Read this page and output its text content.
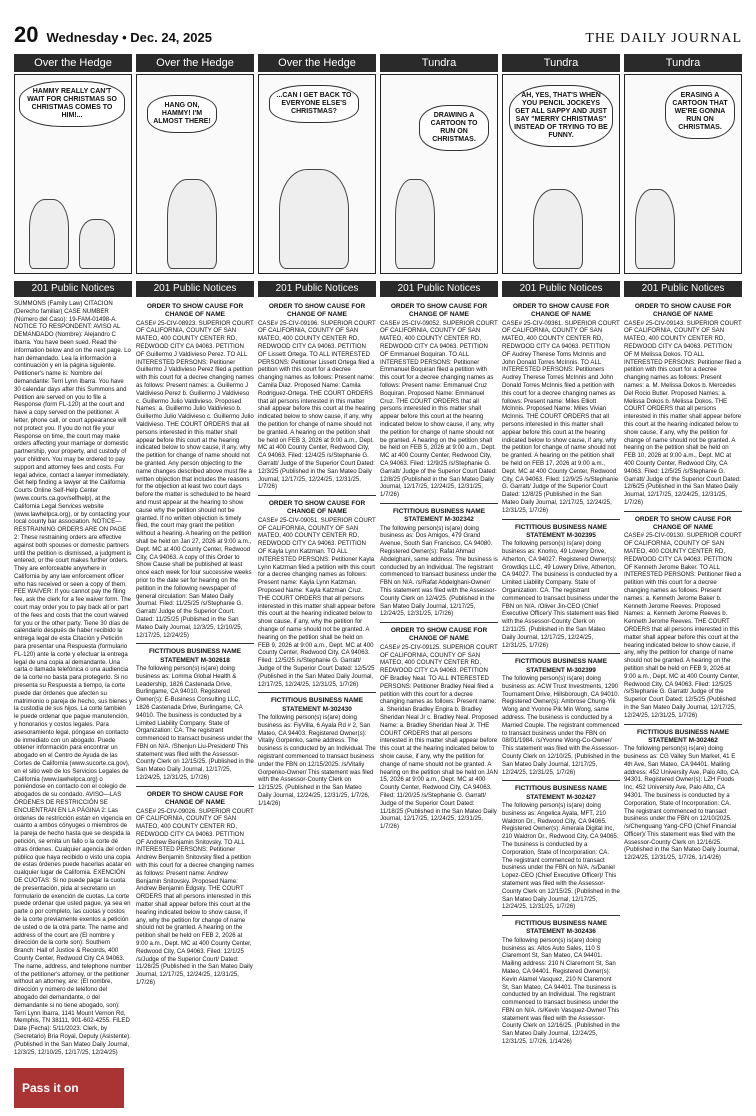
20 Wednesday • Dec. 24, 2025	THE DAILY JOURNAL
Over the Hedge
HAMMY REALLY CAN'T WAIT FOR CHRISTMAS SO CHRISTMAS COMES TO HIM!...
Over the Hedge
HANG ON, HAMMY! I'M ALMOST THERE!
Over the Hedge
...CAN I GET BACK TO EVERYONE ELSE'S CHRISTMAS?
Tundra
DRAWING A CARTOON TO RUN ON CHRISTMAS.
Tundra
AH, YES, THAT'S WHEN YOU PENCIL JOCKEYS GET ALL SAPPY AND JUST SAY "MERRY CHRISTMAS" INSTEAD OF TRYING TO BE FUNNY.
Tundra
ERASING A CARTOON THAT WE'RE GONNA RUN ON CHRISTMAS.
201 Public Notices	201 Public Notices	201 Public Notices	201 Public Notices	201 Public Notices	201 Public Notices

SUMMONS (Family Law) CITACION (Derecho familiar) CASE NUMBER (Número del Caso): 19-FAM-01498-A. NOTICE TO RESPONDENT: AVISO AL DEMANDADO (Nombre): Alejandro C Ibarra. You have been sued. Read the information below and on the next page. Lo han demandado. Lea la información a continuación y en la página siguiente. Petitioner's name is: Nombre del demandante: Terri Lynn Ibarra. You have 30 calendar days after this Summons and Petition are served on you to file a Response (form FL-120) at the court and have a copy served on the petitioner. A letter, phone call, or court appearance will not protect you. If you do not file your Response on time, the court may make orders affecting your marriage or domestic partnership, your property, and custody of your children. You may be ordered to pay support and attorney fees and costs. For legal advice, contact a lawyer immediately. Get help finding a lawyer at the California Courts Online Self-Help Center (www.courts.ca.gov/selfhelp), at the California Legal Services website (www.lawhelpca.org), or by contacting your local county bar association. NOTICE—RESTRAINING ORDERS ARE ON PAGE 2: These restraining orders are effective against both spouses or domestic partners until the petition is dismissed, a judgment is entered, or the court makes further orders. They are enforceable anywhere in California by any law enforcement officer who has received or seen a copy of them. FEE WAIVER: If you cannot pay the filing fee, ask the clerk for a fee waiver form. The court may order you to pay back all or part of the fees and costs that the court waived for you or the other party. Tiene 30 días de calendario después de haber recibido la entrega legal de esta Citación y Petición para presentar una Respuesta (formulario FL-120) ante la corte y efectuar la entrega legal de una copia al demandante. Una carta o llamada telefónica o una audiencia de la corte no basta para protegerlo. Si no presenta su Respuesta a tiempo, la corte puede dar órdenes que afecten su matrimonio o pareja de hecho, sus bienes y la custodia de sus hijos. La corte también le puede ordenar que pague manutención, y honorarios y costos legales. Para asesoramiento legal, póngase en contacto de inmediato con un abogado. Puede obtener información para encontrar un abogado en el Centro de Ayuda de las Cortes de California (www.sucorte.ca.gov), en el sitio web de los Servicios Legales de California (www.lawhelpca.org) o poniéndose en contacto con el colegio de abogados de su condado. AVISO—LAS ÓRDENES DE RESTRICCIÓN SE ENCUENTRAN EN LA PÁGINA 2: Las órdenes de restricción están en vigencia en cuanto a ambos cónyuges o miembros de la pareja de hecho hasta que se despida la petición, se emita un fallo o la corte dé otras órdenes. Cualquier agencia del orden público que haya recibido o visto una copia de estas órdenes puede hacerlas acatar en cualquier lugar de California. EXENCIÓN DE CUOTAS: Si no puede pagar la cuota de presentación, pida al secretario un formulario de exención de cuotas. La corte puede ordenar que usted pague, ya sea en parte o por completo, las cuotas y costos de la corte previamente exentos a petición de usted o de la otra parte. The name and address of the court are (El nombre y dirección de la corte son): Southern Branch: Hall of Justice & Records, 400 County Center, Redwood City CA 94063. The name, address, and telephone number of the petitioner's attorney, or the petitioner without an attorney, are: (El nombre, dirección y número de teléfono del abogado del demandante, o del demandante si no tiene abogado, son): Terri Lynn Ibarra, 1141 Mount Vernon Rd, Memphis, TN 38111, 901-602-4255. FILED Date (Fecha): 5/11/2023. Clerk, by (Secretario) Bria Royal, Deputy (Asistente). (Published in the San Mateo Daily Journal, 12/3/25, 12/10/25, 12/17/25, 12/24/25)

ORDER TO SHOW CAUSE FOR CHANGE OF NAME

CASE# 25-CIV-08923. SUPERIOR COURT OF CALIFORNIA, COUNTY OF SAN MATEO, 400 COUNTY CENTER RD, REDWOOD CITY CA 94063. PETITION OF Guillermo J Valdivieso Perez. TO ALL INTERESTED PERSONS: Petitioner Guillermo J Valdivieso Perez filed a petition with this court for a decree changing names as follows: Present names: a. Guillermo J Valdivieso Perez b. Guillermo J Valdivieso c. Guillermo Julio Valdivieso. Proposed Names: a. Guillermo Julio Valdivieso b. Guillermo Julio Valdivieso c. Guillermo Julio Valdivieso. THE COURT ORDERS that all persons interested in this matter shall appear before this court at the hearing indicated below to show cause, if any, why the petition for change of name should not be granted. Any person objecting to the name changes described above must file a written objection that includes the reasons for the objection at least two court days before the matter is scheduled to be heard and must appear at the hearing to show cause why the petition should not be granted. If no written objection is timely filed, the court may grant the petition without a hearing. A hearing on the petition shall be held on Jan 27, 2026 at 9:00 a.m., Dept. MC at 400 County Center, Redwood City, CA 94063. A copy of this Order to Show Cause shall be published at least once each week for four successive weeks prior to the date set for hearing on the petition in the following newspaper of general circulation: San Mateo Daily Journal. Filed: 11/25/25 /s/Stephanie G. Garratt/ Judge of the Superior Court. Dated: 11/25/25 (Published in the San Mateo Daily Journal, 12/3/25, 12/10/25, 12/17/25, 12/24/25)

FICTITIOUS BUSINESS NAME STATEMENT M-302618

The following person(s) is(are) doing business as: Lomma Global Health & Leadership, 1826 Castenada Drive, Burlingame, CA 94010. Registered Owner(s): E-Business Consulting LLC, 1826 Castenada Drive, Burlingame, CA 94010. The business is conducted by a Limited Liability Company. State of Organization: CA. The registrant commenced to transact business under the FBN on N/A. /Shenjun Liu-President/ This statement was filed with the Assessor-County Clerk on 12/15/25. (Published in the San Mateo Daily Journal, 12/17/25, 12/24/25, 12/31/25, 1/7/26)

ORDER TO SHOW CAUSE FOR CHANGE OF NAME

CASE# 25-CIV-09026. SUPERIOR COURT OF CALIFORNIA, COUNTY OF SAN MATEO, 400 COUNTY CENTER RD, REDWOOD CITY CA 94063. PETITION OF Andrew Benjamin Snitovsky. TO ALL INTERESTED PERSONS: Petitioner Andrew Benjamin Snitovsky filed a petition with this court for a decree changing names as follows: Present name: Andrew Benjamin Snitovsky. Proposed Name: Andrew Benjamin Edgsky. THE COURT ORDERS that all persons interested in this matter shall appear before this court at the hearing indicated below to show cause, if any, why the petition for change of name should not be granted. A hearing on the petition shall be held on FEB 2, 2026 at 9:00 a.m., Dept. MC at 400 County Center, Redwood City, CA 94063. Filed: 12/1/25 /s/Judge of the Superior Court/ Dated: 11/26/25 (Published in the San Mateo Daily Journal, 12/17/25, 12/24/25, 12/31/25, 1/7/26)

ORDER TO SHOW CAUSE FOR CHANGE OF NAME

CASE# 25-CIV-09196. SUPERIOR COURT OF CALIFORNIA, COUNTY OF SAN MATEO, 400 COUNTY CENTER RD, REDWOOD CITY CA 94063. PETITION OF Lissett Ortega. TO ALL INTERESTED PERSONS: Petitioner Lissett Ortega filed a petition with this court for a decree changing names as follows: Present name: Camila Diaz. Proposed Name: Camila Rodriguez-Ortega. THE COURT ORDERS that all persons interested in this matter shall appear before this court at the hearing indicated below to show cause, if any, why the petition for change of name should not be granted. A hearing on the petition shall be held on FEB 3, 2026 at 9:00 a.m., Dept. MC at 400 County Center, Redwood City, CA 94063. Filed: 12/4/25 /s/Stephanie G. Garratt/ Judge of the Superior Court Dated: 12/3/25 (Published in the San Mateo Daily Journal, 12/17/25, 12/24/25, 12/31/25, 1/7/26)

ORDER TO SHOW CAUSE FOR CHANGE OF NAME

CASE# 25-CIV-09051. SUPERIOR COURT OF CALIFORNIA, COUNTY OF SAN MATEO, 400 COUNTY CENTER RD, REDWOOD CITY CA 94063. PETITION OF Kayla Lynn Katzman. TO ALL INTERESTED PERSONS: Petitioner Kayla Lynn Katzman filed a petition with this court for a decree changing names as follows: Present name: Kayla Lynn Katzman. Proposed Name: Kayla Katzman Cruz. THE COURT ORDERS that all persons interested in this matter shall appear before this court at the hearing indicated below to show cause, if any, why the petition for change of name should not be granted. A hearing on the petition shall be held on FEB 9, 2026 at 9:00 a.m., Dept. MC at 400 County Center, Redwood City, CA 94063. Filed: 12/5/25 /s/Stephanie G. Garratt/ Judge of the Superior Court Dated: 12/5/25 (Published in the San Mateo Daily Journal, 12/17/25, 12/24/25, 12/31/25, 1/7/26)

FICTITIOUS BUSINESS NAME STATEMENT M-302430

The following person(s) is(are) doing business as: FiyVilla, 6 Ayala Rd # 2, San Mateo, CA 94403. Registered Owner(s): Vitaliy Gorpenko, same address. The business is conducted by an Individual. The registrant commenced to transact business under the FBN on 12/15/2025. /s/Vitaliy Gorpenko-Owner/ This statement was filed with the Assessor-County Clerk on 12/15/25. (Published in the San Mateo Daily Journal, 12/24/25, 12/31/25, 1/7/26, 1/14/26)

ORDER TO SHOW CAUSE FOR CHANGE OF NAME

CASE# 25-CIV-09052. SUPERIOR COURT OF CALIFORNIA, COUNTY OF SAN MATEO, 400 COUNTY CENTER RD, REDWOOD CITY CA 94063. PETITION OF Emmanuel Boquiran. TO ALL INTERESTED PERSONS: Petitioner Emmanuel Boquiran filed a petition with this court for a decree changing names as follows: Present name: Emmanuel Cruz Boquiran. Proposed Name: Emmanuel Cruz. THE COURT ORDERS that all persons interested in this matter shall appear before this court at the hearing indicated below to show cause, if any, why the petition for change of name should not be granted. A hearing on the petition shall be held on FEB 5, 2026 at 9:00 a.m., Dept. MC at 400 County Center, Redwood City, CA 94063. Filed: 12/9/25 /s/Stephanie G. Garratt/ Judge of the Superior Court Dated: 12/8/25 (Published in the San Mateo Daily Journal, 12/17/25, 12/24/25, 12/31/25, 1/7/26)

FICTITIOUS BUSINESS NAME STATEMENT M-302342

The following person(s) is(are) doing business as: Dos Amigos, 479 Grand Avenue, South San Francisco, CA 94080. Registered Owner(s): Rafat Ahmad Abdelghani, same address. The business is conducted by an Individual. The registrant commenced to transact business under the FBN on N/A. /s/Rafat Abdelghani-Owner/ This statement was filed with the Assessor-County Clerk on 12/4/25. (Published in the San Mateo Daily Journal, 12/17/25, 12/24/25, 12/31/25, 1/7/26)

ORDER TO SHOW CAUSE FOR CHANGE OF NAME

CASE# 25-CIV-09125. SUPERIOR COURT OF CALIFORNIA, COUNTY OF SAN MATEO, 400 COUNTY CENTER RD, REDWOOD CITY CA 94063. PETITION OF Bradley Neal. TO ALL INTERESTED PERSONS: Petitioner Bradley Neal filed a petition with this court for a decree changing names as follows: Present name: a. Sheridan Bradley Engira b. Bradley Sheridan Neal Jr c. Bradley Neal. Proposed Name: a. Bradley Sheridan Neal Jr. THE COURT ORDERS that all persons interested in this matter shall appear before this court at the hearing indicated below to show cause, if any, why the petition for change of name should not be granted. A hearing on the petition shall be held on JAN 15, 2026 at 9:00 a.m., Dept. MC at 400 County Center, Redwood City, CA 94063. Filed: 11/20/25 /s/Stephanie G. Garratt/ Judge of the Superior Court Dated: 11/18/25 (Published in the San Mateo Daily Journal, 12/17/25, 12/24/25, 12/31/25, 1/7/26)

ORDER TO SHOW CAUSE FOR CHANGE OF NAME

CASE# 25-CIV-09361. SUPERIOR COURT OF CALIFORNIA, COUNTY OF SAN MATEO, 400 COUNTY CENTER RD, REDWOOD CITY CA 94063. PETITION OF Audrey Therese Toms McInnis and John Donald Torres McInnis. TO ALL INTERESTED PERSONS: Petitioners Audrey Therese Torres McInnis and John Donald Torres McInnis filed a petition with this court for a decree changing names as follows: Present name: Miles Elliott McInnis. Proposed Name: Miles Vivian McInnis. THE COURT ORDERS that all persons interested in this matter shall appear before this court at the hearing indicated below to show cause, if any, why the petition for change of name should not be granted. A hearing on the petition shall be held on FEB 17, 2026 at 9:00 a.m., Dept. MC at 400 County Center, Redwood City, CA 94063. Filed: 12/9/25 /s/Stephanie G. Garratt/ Judge of the Superior Court Dated: 12/8/25 (Published in the San Mateo Daily Journal, 12/17/25, 12/24/25, 12/31/25, 1/7/26)

FICTITIOUS BUSINESS NAME STATEMENT M-302395

The following person(s) is(are) doing business as: Knomo, 49 Lowery Drive, Atherton, CA 94027. Registered Owner(s): Growdiqs LLC, 49 Lowery Drive, Atherton, CA 94027. The business is conducted by a Limited Liability Company. State of Organization: CA. The registrant commenced to transact business under the FBN on N/A. /Oliver Jin-CEO (Chief Executive Officer)/ This statement was filed with the Assessor-County Clerk on 12/11/25. (Published in the San Mateo Daily Journal, 12/17/25, 12/24/25, 12/31/25, 1/7/26)

FICTITIOUS BUSINESS NAME STATEMENT M-302399

The following person(s) is(are) doing business as: ACW Trust Investments, 1290 Tournament Drive, Hillsborough, CA 94010. Registered Owner(s): Ambrose Chung-Yik Wong and Yvonne Pik Min Wong, same address. The business is conducted by a Married Couple. The registrant commenced to transact business under the FBN on 08/01/1984. /s/Yvonne Wong-Co-Owner/ This statement was filed with the Assessor-County Clerk on 12/10/25. (Published in the San Mateo Daily Journal, 12/17/25, 12/24/25, 12/31/25, 1/7/26)

FICTITIOUS BUSINESS NAME STATEMENT M-302427

The following person(s) is(are) doing business as: Angelica Ayala, MFT, 210 Waldron Dr., Redwood City, CA 94065. Registered Owner(s): Ameraia Digital Inc, 210 Waldron Dr., Redwood City, CA 94065. The business is conducted by a Corporation, State of Incorporation: CA. The registrant commenced to transact business under the FBN on N/A. /s/Daniel Lopez-CEO (Chief Executive Officer)/ This statement was filed with the Assessor-County Clerk on 12/15/25. (Published in the San Mateo Daily Journal, 12/17/25, 12/24/25, 12/31/25, 1/7/26)

FICTITIOUS BUSINESS NAME STATEMENT M-302436

The following person(s) is(are) doing business as: Altos Auto Sales, 110 S Claremont St, San Mateo, CA 94401. Mailing address: 210 N Claremont St, San Mateo, CA 94401. Registered Owner(s): Kevin Alamel Vasquez, 210 N Claremont St, San Mateo, CA 94401. The business is conducted by an Individual. The registrant commenced to transact business under the FBN on N/A. /s/Kevin Vasquez-Owner/ This statement was filed with the Assessor-County Clerk on 12/16/25. (Published in the San Mateo Daily Journal, 12/24/25, 12/31/25, 1/7/26, 1/14/26)

ORDER TO SHOW CAUSE FOR CHANGE OF NAME

CASE# 25-CIV-09143. SUPERIOR COURT OF CALIFORNIA, COUNTY OF SAN MATEO, 400 COUNTY CENTER RD, REDWOOD CITY CA 94063. PETITION OF M Melissa Dokos. TO ALL INTERESTED PERSONS: Petitioner filed a petition with this court for a decree changing names as follows: Present names: a. M. Melissa Dokos b. Mercedes Del Rocio Butler. Proposed Names: a. Melissa Dokos b. Melissa Dokos. THE COURT ORDERS that all persons interested in this matter shall appear before this court at the hearing indicated below to show cause, if any, why the petition for change of name should not be granted. A hearing on the petition shall be held on FEB 10, 2026 at 9:00 a.m., Dept. MC at 400 County Center, Redwood City, CA 94063. Filed: 12/5/25 /s/Stephanie G. Garratt/ Judge of the Superior Court Dated: 12/6/25 (Published in the San Mateo Daily Journal, 12/17/25, 12/24/25, 12/31/25, 1/7/26)

ORDER TO SHOW CAUSE FOR CHANGE OF NAME

CASE# 25-CIV-09130. SUPERIOR COURT OF CALIFORNIA, COUNTY OF SAN MATEO, 400 COUNTY CENTER RD, REDWOOD CITY CA 94063. PETITION OF Kenneth Jerome Baker. TO ALL INTERESTED PERSONS: Petitioner filed a petition with this court for a decree changing names as follows: Present names: a. Kenneth Jerome Baker b. Kenneth Jerome Reeves. Proposed Names: a. Kenneth Jerome Reeves b. Kenneth Jerome Reeves. THE COURT ORDERS that all persons interested in this matter shall appear before this court at the hearing indicated below to show cause, if any, why the petition for change of name should not be granted. A hearing on the petition shall be held on FEB 9, 2026 at 9:00 a.m., Dept. MC at 400 County Center, Redwood City, CA 94063. Filed: 12/5/25 /s/Stephanie G. Garratt/ Judge of the Superior Court Dated: 12/5/25 (Published in the San Mateo Daily Journal, 12/17/25, 12/24/25, 12/31/25, 1/7/26)

FICTITIOUS BUSINESS NAME STATEMENT M-302462

The following person(s) is(are) doing business as: CG Valley Sun Market, 41 E 4th Ave, San Mateo, CA 94401. Mailing address: 452 University Ave, Palo Alto, CA 94301. Registered Owner(s): LZH Foods Inc, 452 University Ave, Palo Alto, CA 94301. The business is conducted by a Corporation, State of Incorporation: CA. The registrant commenced to transact business under the FBN on 12/10/2025. /s/Chenguang Yang-CFO (Chief Financial Officer)/ This statement was filed with the Assessor-County Clerk on 12/16/25. (Published in the San Mateo Daily Journal, 12/24/25, 12/31/25, 1/7/26, 1/14/26)

Pass it on
